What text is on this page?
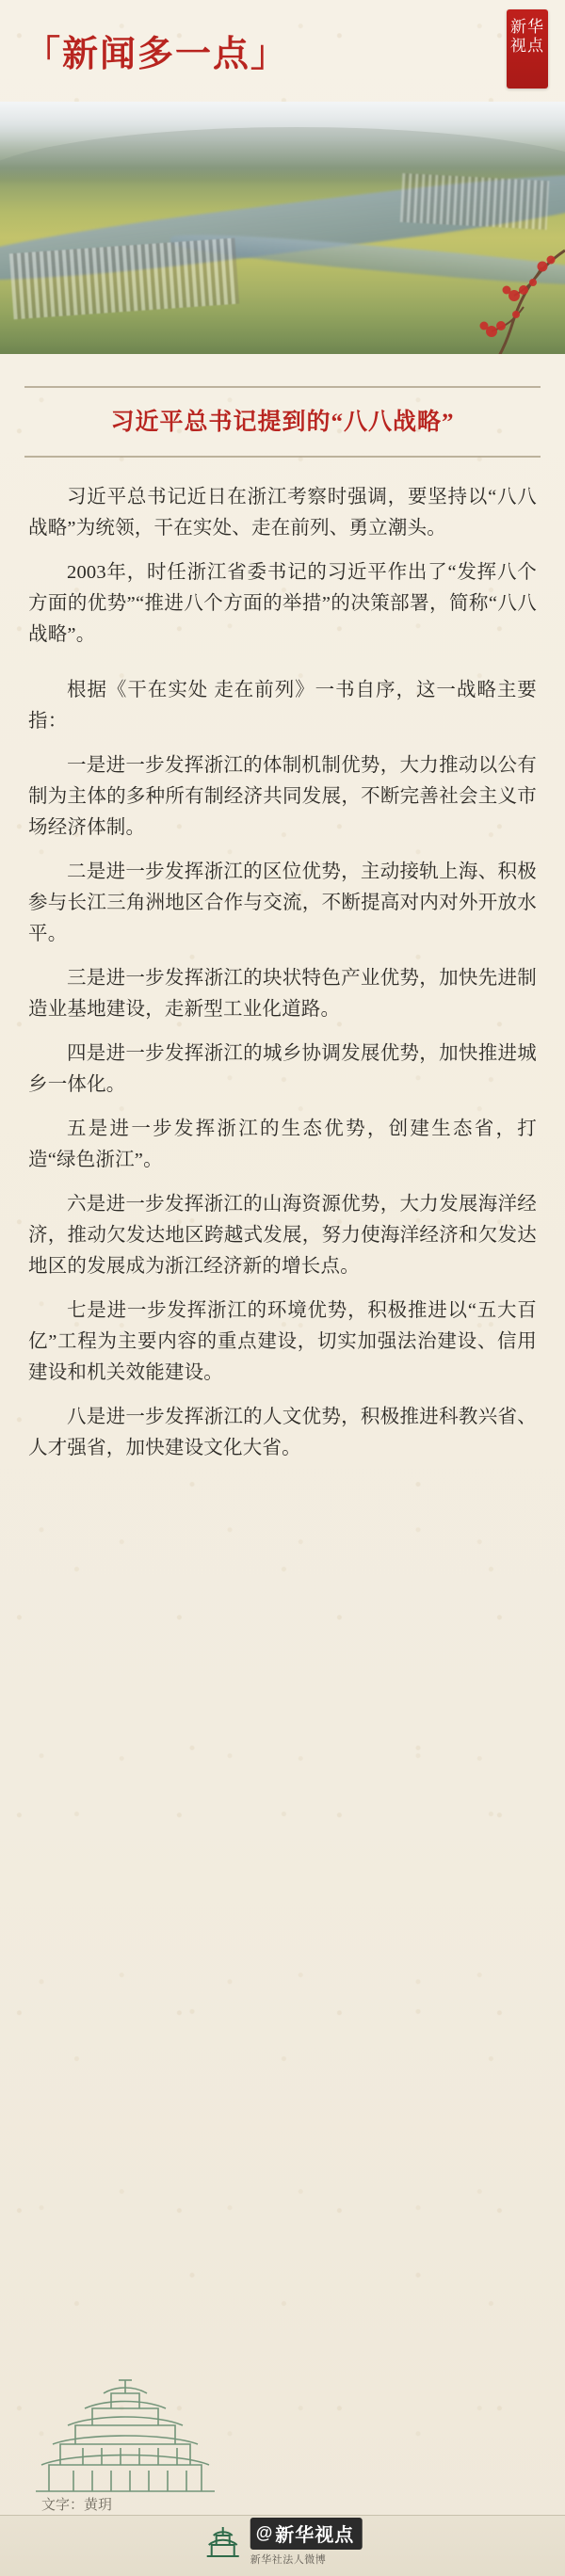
「新闻多一点」
新华
视点
习近平总书记提到的“八八战略”

习近平总书记近日在浙江考察时强调，要坚持以“八八战略”为统领，干在实处、走在前列、勇立潮头。

2003年，时任浙江省委书记的习近平作出了“发挥八个方面的优势”“推进八个方面的举措”的决策部署，简称“八八战略”。

根据《干在实处 走在前列》一书自序，这一战略主要指：

一是进一步发挥浙江的体制机制优势，大力推动以公有制为主体的多种所有制经济共同发展，不断完善社会主义市场经济体制。

二是进一步发挥浙江的区位优势，主动接轨上海、积极参与长江三角洲地区合作与交流，不断提高对内对外开放水平。

三是进一步发挥浙江的块状特色产业优势，加快先进制造业基地建设，走新型工业化道路。

四是进一步发挥浙江的城乡协调发展优势，加快推进城乡一体化。

五是进一步发挥浙江的生态优势，创建生态省，打造“绿色浙江”。

六是进一步发挥浙江的山海资源优势，大力发展海洋经济，推动欠发达地区跨越式发展，努力使海洋经济和欠发达地区的发展成为浙江经济新的增长点。

七是进一步发挥浙江的环境优势，积极推进以“五大百亿”工程为主要内容的重点建设，切实加强法治建设、信用建设和机关效能建设。

八是进一步发挥浙江的人文优势，积极推进科教兴省、人才强省，加快建设文化大省。

文字：黄玥
@ 新华视点
新华社法人微博
